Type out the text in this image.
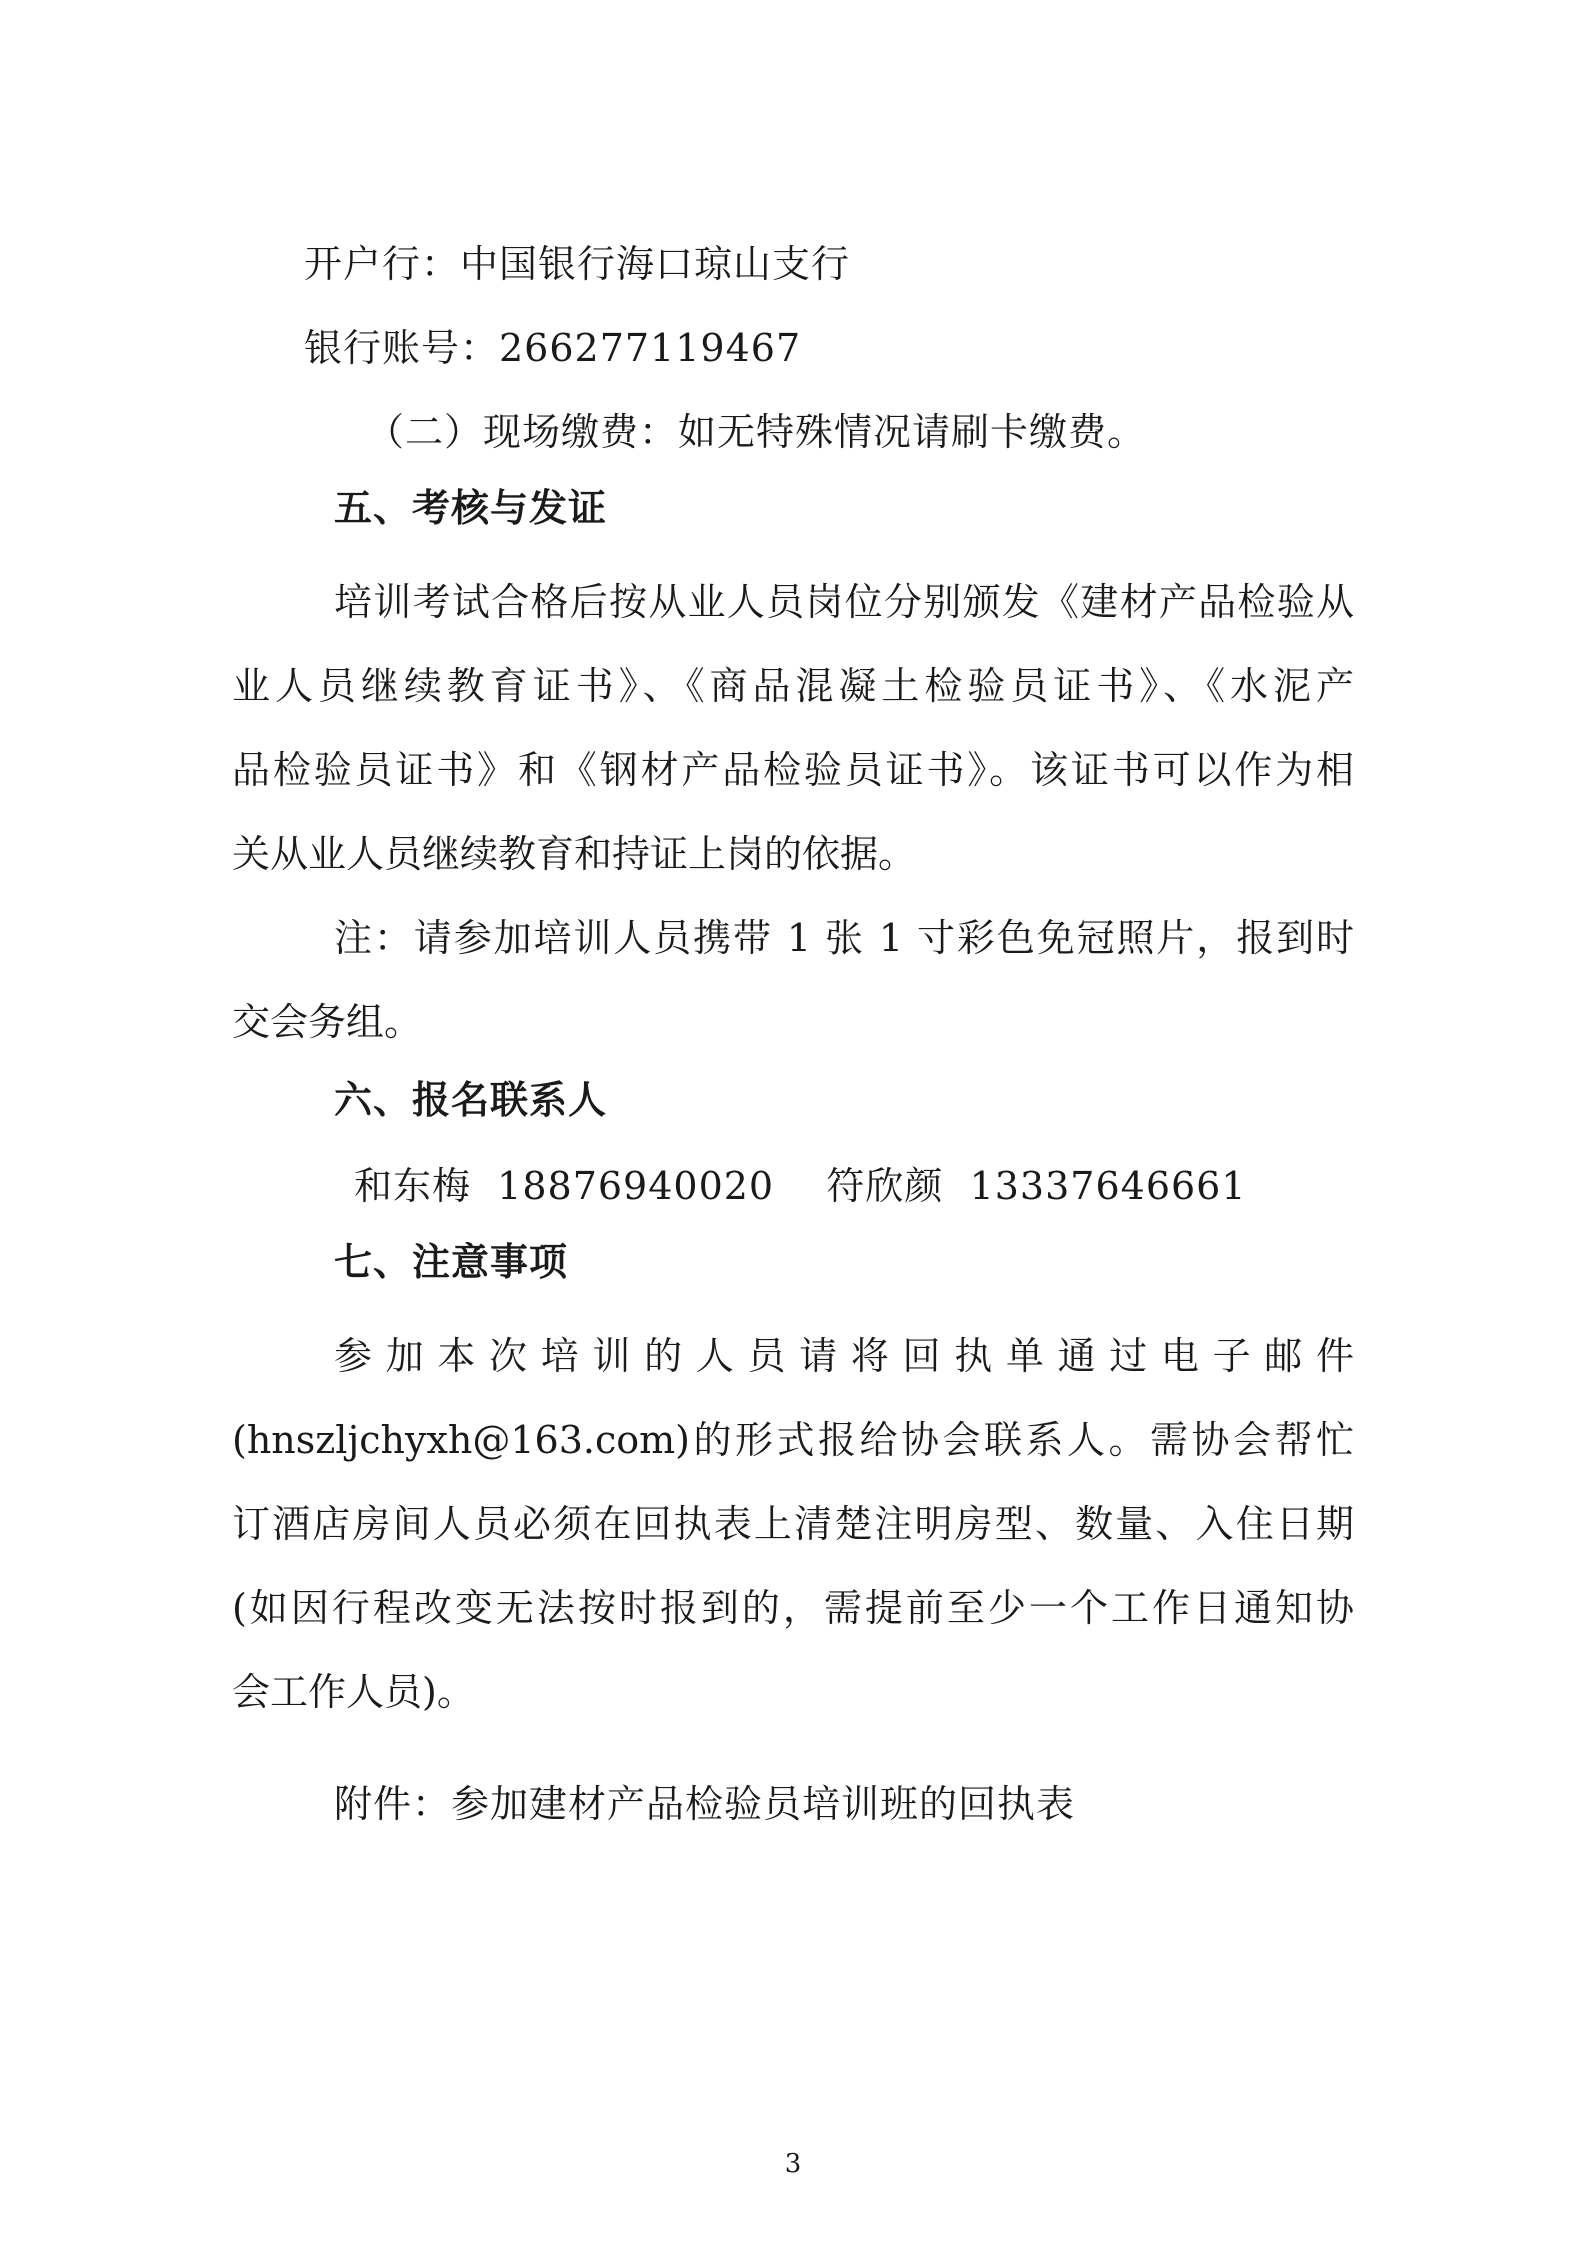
开户行：中国银行海口琼山支行
银行账号：266277119467
（二）现场缴费：如无特殊情况请刷卡缴费。
五、考核与发证
培训考试合格后按从业人员岗位分别颁发《建材产品检验从
业人员继续教育证书》、《商品混凝土检验员证书》、《水泥产
品检验员证书》和《钢材产品检验员证书》。该证书可以作为相
关从业人员继续教育和持证上岗的依据。
注：请参加培训人员携带 1 张 1 寸彩色免冠照片，报到时
交会务组。
六、报名联系人
和东梅  18876940020    符欣颜  13337646661
七、注意事项
参加本次培训的人员请将回执单通过电子邮件
(hnszljchyxh@163.com)的形式报给协会联系人。需协会帮忙
订酒店房间人员必须在回执表上清楚注明房型、数量、入住日期
(如因行程改变无法按时报到的，需提前至少一个工作日通知协
会工作人员)。
附件：参加建材产品检验员培训班的回执表
3
